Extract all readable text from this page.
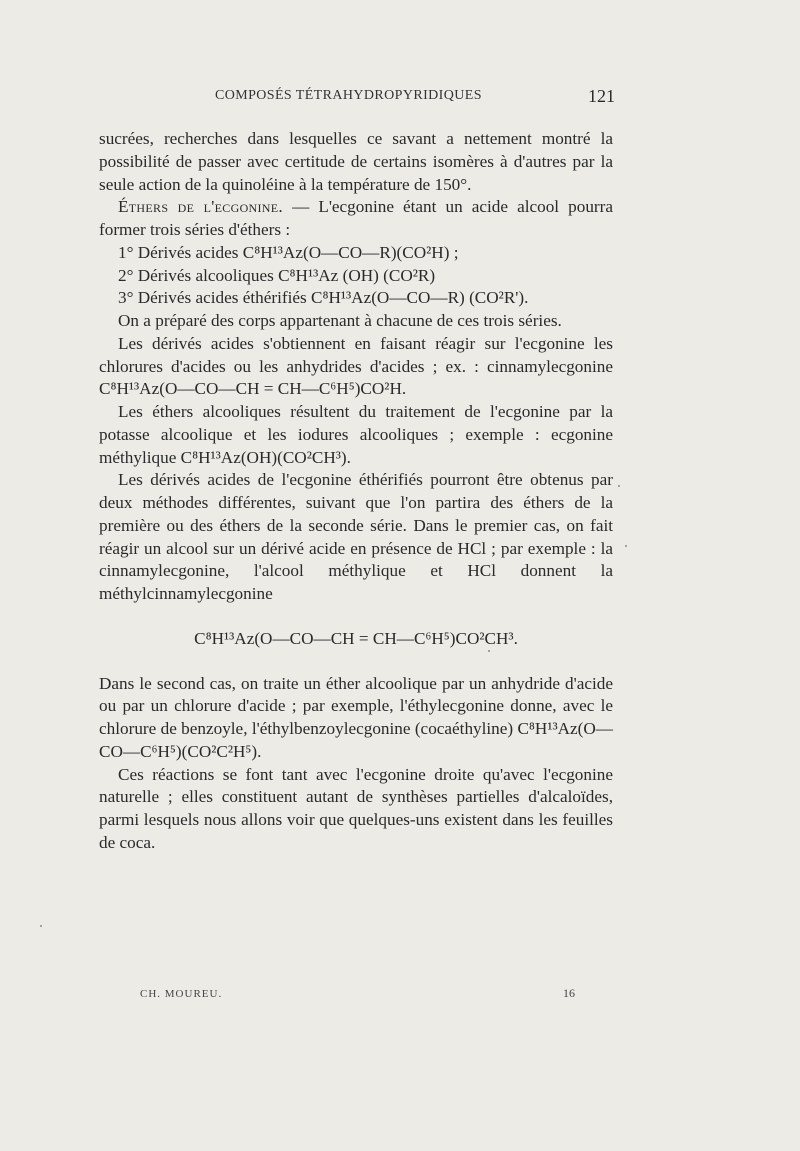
COMPOSÉS TÉTRAHYDROPYRIDIQUES	121

sucrées, recherches dans lesquelles ce savant a nettement montré la possibilité de passer avec certitude de certains isomères à d'autres par la seule action de la quinoléine à la température de 150°.

Éthers de l'ecgonine. — L'ecgonine étant un acide alcool pourra former trois séries d'éthers :

1° Dérivés acides C⁸H¹³Az(O—CO—R)(CO²H) ;

2° Dérivés alcooliques C⁸H¹³Az (OH) (CO²R)

3° Dérivés acides éthérifiés C⁸H¹³Az(O—CO—R) (CO²R').

On a préparé des corps appartenant à chacune de ces trois séries.

Les dérivés acides s'obtiennent en faisant réagir sur l'ecgonine les chlorures d'acides ou les anhydrides d'acides ; ex. : cinnamylecgonine C⁸H¹³Az(O—CO—CH = CH—C⁶H⁵)CO²H.

Les éthers alcooliques résultent du traitement de l'ecgonine par la potasse alcoolique et les iodures alcooliques ; exemple : ecgonine méthylique C⁸H¹³Az(OH)(CO²CH³).

Les dérivés acides de l'ecgonine éthérifiés pourront être obtenus par deux méthodes différentes, suivant que l'on partira des éthers de la première ou des éthers de la seconde série. Dans le premier cas, on fait réagir un alcool sur un dérivé acide en présence de HCl ; par exemple : la cinnamylecgonine, l'alcool méthylique et HCl donnent la méthylcinnamylecgonine

C⁸H¹³Az(O—CO—CH = CH—C⁶H⁵)CO²CH³.

Dans le second cas, on traite un éther alcoolique par un anhydride d'acide ou par un chlorure d'acide ; par exemple, l'éthylecgonine donne, avec le chlorure de benzoyle, l'éthylbenzoylecgonine (cocaéthyline) C⁸H¹³Az(O—CO—C⁶H⁵)(CO²C²H⁵).

Ces réactions se font tant avec l'ecgonine droite qu'avec l'ecgonine naturelle ; elles constituent autant de synthèses partielles d'alcaloïdes, parmi lesquels nous allons voir que quelques-uns existent dans les feuilles de coca.

CH. MOUREU.	16
